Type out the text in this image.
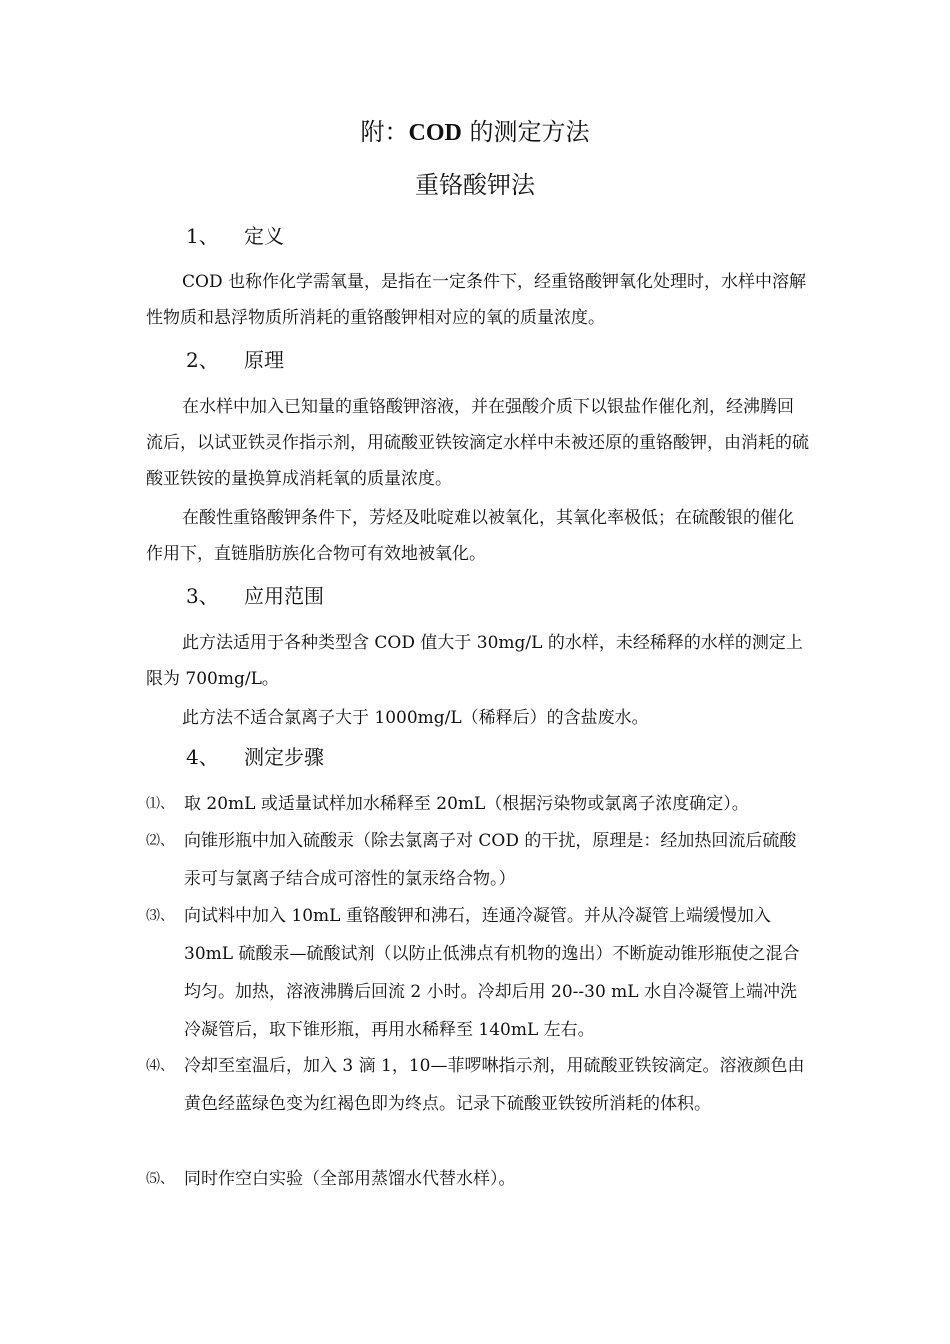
附：COD 的测定方法
重铬酸钾法
1、 定义

COD 也称作化学需氧量，是指在一定条件下，经重铬酸钾氧化处理时，水样中溶解性物质和悬浮物质所消耗的重铬酸钾相对应的氧的质量浓度。

2、 原理

在水样中加入已知量的重铬酸钾溶液，并在强酸介质下以银盐作催化剂，经沸腾回流后，以试亚铁灵作指示剂，用硫酸亚铁铵滴定水样中未被还原的重铬酸钾，由消耗的硫酸亚铁铵的量换算成消耗氧的质量浓度。

在酸性重铬酸钾条件下，芳烃及吡啶难以被氧化，其氧化率极低；在硫酸银的催化作用下，直链脂肪族化合物可有效地被氧化。

3、 应用范围

此方法适用于各种类型含 COD 值大于 30mg/L 的水样，未经稀释的水样的测定上限为 700mg/L。

此方法不适合氯离子大于 1000mg/L（稀释后）的含盐废水。

4、 测定步骤
⑴、 取 20mL 或适量试样加水稀释至 20mL（根据污染物或氯离子浓度确定）。
⑵、 向锥形瓶中加入硫酸汞（除去氯离子对 COD 的干扰，原理是：经加热回流后硫酸汞可与氯离子结合成可溶性的氯汞络合物。）
⑶、 向试料中加入 10mL 重铬酸钾和沸石，连通冷凝管。并从冷凝管上端缓慢加入 30mL 硫酸汞—硫酸试剂（以防止低沸点有机物的逸出）不断旋动锥形瓶使之混合均匀。加热，溶液沸腾后回流 2 小时。冷却后用 20--30 mL 水自冷凝管上端冲洗冷凝管后，取下锥形瓶，再用水稀释至 140mL 左右。
⑷、 冷却至室温后，加入 3 滴 1，10—菲啰啉指示剂，用硫酸亚铁铵滴定。溶液颜色由黄色经蓝绿色变为红褐色即为终点。记录下硫酸亚铁铵所消耗的体积。
⑸、 同时作空白实验（全部用蒸馏水代替水样）。
